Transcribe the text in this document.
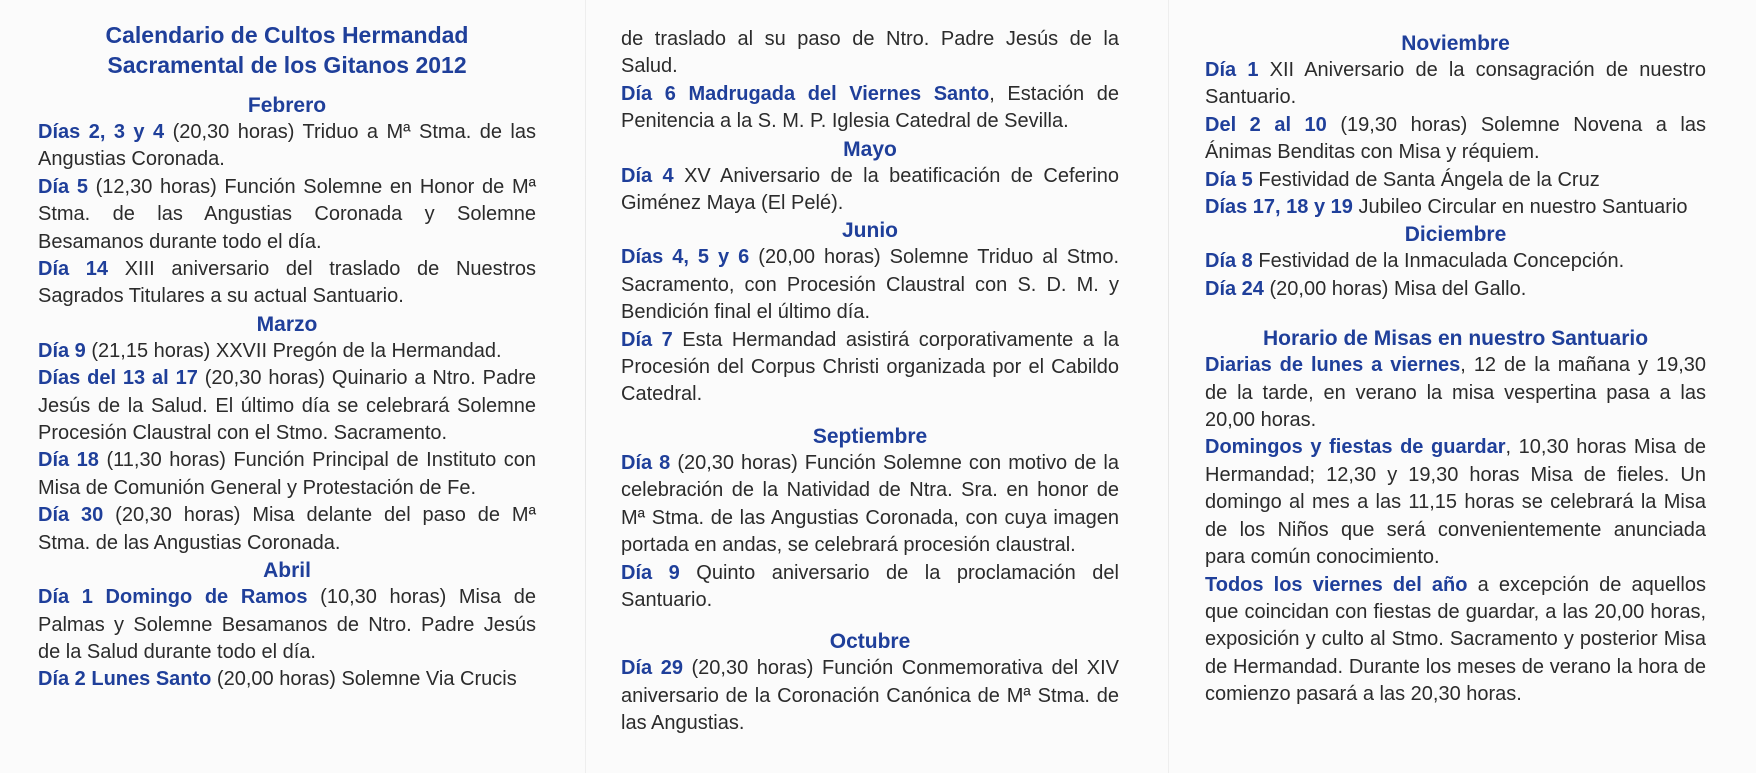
Calendario de Cultos Hermandad
Sacramental de los Gitanos 2012
Febrero

Días 2, 3 y 4 (20,30 horas) Triduo a Mª Stma. de las Angustias Coronada.

Día 5 (12,30 horas) Función Solemne en Honor de Mª Stma. de las Angustias Coronada y Solemne Besamanos durante todo el día.

Día 14 XIII aniversario del traslado de Nuestros Sagrados Titulares a su actual Santuario.

Marzo

Día 9 (21,15 horas) XXVII Pregón de la Hermandad.

Días del 13 al 17 (20,30 horas) Quinario a Ntro. Padre Jesús de la Salud. El último día se celebrará Solemne Procesión Claustral con el Stmo. Sacramento.

Día 18 (11,30 horas) Función Principal de Instituto con Misa de Comunión General y Protestación de Fe.

Día 30 (20,30 horas) Misa delante del paso de Mª Stma. de las Angustias Coronada.

Abril

Día 1 Domingo de Ramos (10,30 horas) Misa de Palmas y Solemne Besamanos de Ntro. Padre Jesús de la Salud durante todo el día.

Día 2 Lunes Santo (20,00 horas) Solemne Via Crucis

de traslado al su paso de Ntro. Padre Jesús de la Salud.

Día 6 Madrugada del Viernes Santo, Estación de Penitencia a la S. M. P. Iglesia Catedral de Sevilla.

Mayo

Día 4 XV Aniversario de la beatificación de Ceferino Giménez Maya (El Pelé).

Junio

Días 4, 5 y 6 (20,00 horas) Solemne Triduo al Stmo. Sacramento, con Procesión Claustral con S. D. M. y Bendición final el último día.

Día 7 Esta Hermandad asistirá corporativamente a la Procesión del Corpus Christi organizada por el Cabildo Catedral.

Septiembre

Día 8 (20,30 horas) Función Solemne con motivo de la celebración de la Natividad de Ntra. Sra. en honor de Mª Stma. de las Angustias Coronada, con cuya imagen portada en andas, se celebrará procesión claustral.

Día 9 Quinto aniversario de la proclamación del Santuario.

Octubre

Día 29 (20,30 horas) Función Conmemorativa del XIV aniversario de la Coronación Canónica de Mª Stma. de las Angustias.

Noviembre

Día 1 XII Aniversario de la consagración de nuestro Santuario.

Del 2 al 10 (19,30 horas) Solemne Novena a las Ánimas Benditas con Misa y réquiem.

Día 5 Festividad de Santa Ángela de la Cruz

Días 17, 18 y 19 Jubileo Circular en nuestro Santuario

Diciembre

Día 8 Festividad de la Inmaculada Concepción.

Día 24 (20,00 horas) Misa del Gallo.

Horario de Misas en nuestro Santuario

Diarias de lunes a viernes, 12 de la mañana y 19,30 de la tarde, en verano la misa vespertina pasa a las 20,00 horas.

Domingos y fiestas de guardar, 10,30 horas Misa de Hermandad; 12,30 y 19,30 horas Misa de fieles. Un domingo al mes a las 11,15 horas se celebrará la Misa de los Niños que será convenientemente anunciada para común conocimiento.

Todos los viernes del año a excepción de aquellos que coincidan con fiestas de guardar, a las 20,00 horas, exposición y culto al Stmo. Sacramento y posterior Misa de Hermandad. Durante los meses de verano la hora de comienzo pasará a las 20,30 horas.
